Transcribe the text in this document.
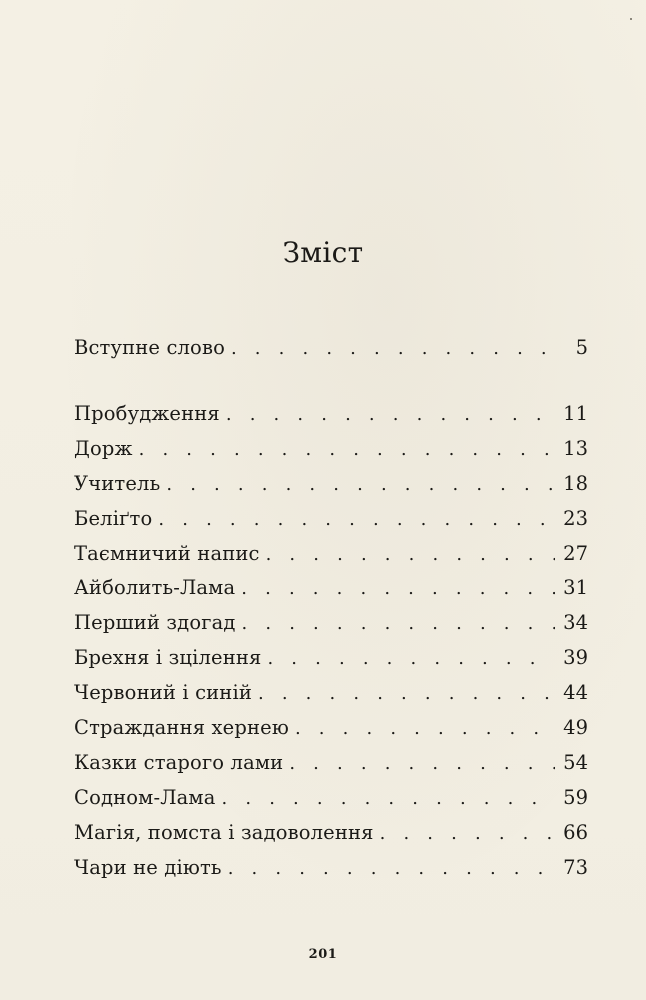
Зміст
Вступне слово . . .	5
Пробудження . . .	11
Дорж . . .	13
Учитель . . .	18
Беліґто . . .	23
Таємничий напис . . .	27
Айболить-Лама . . .	31
Перший здогад . . .	34
Брехня і зцілення . . .	39
Червоний і синій . . .	44
Страждання хернею . . .	49
Казки старого лами . . .	54
Содном-Лама . . .	59
Магія, помста і задоволення . . .	66
Чари не діють . . .	73
201
